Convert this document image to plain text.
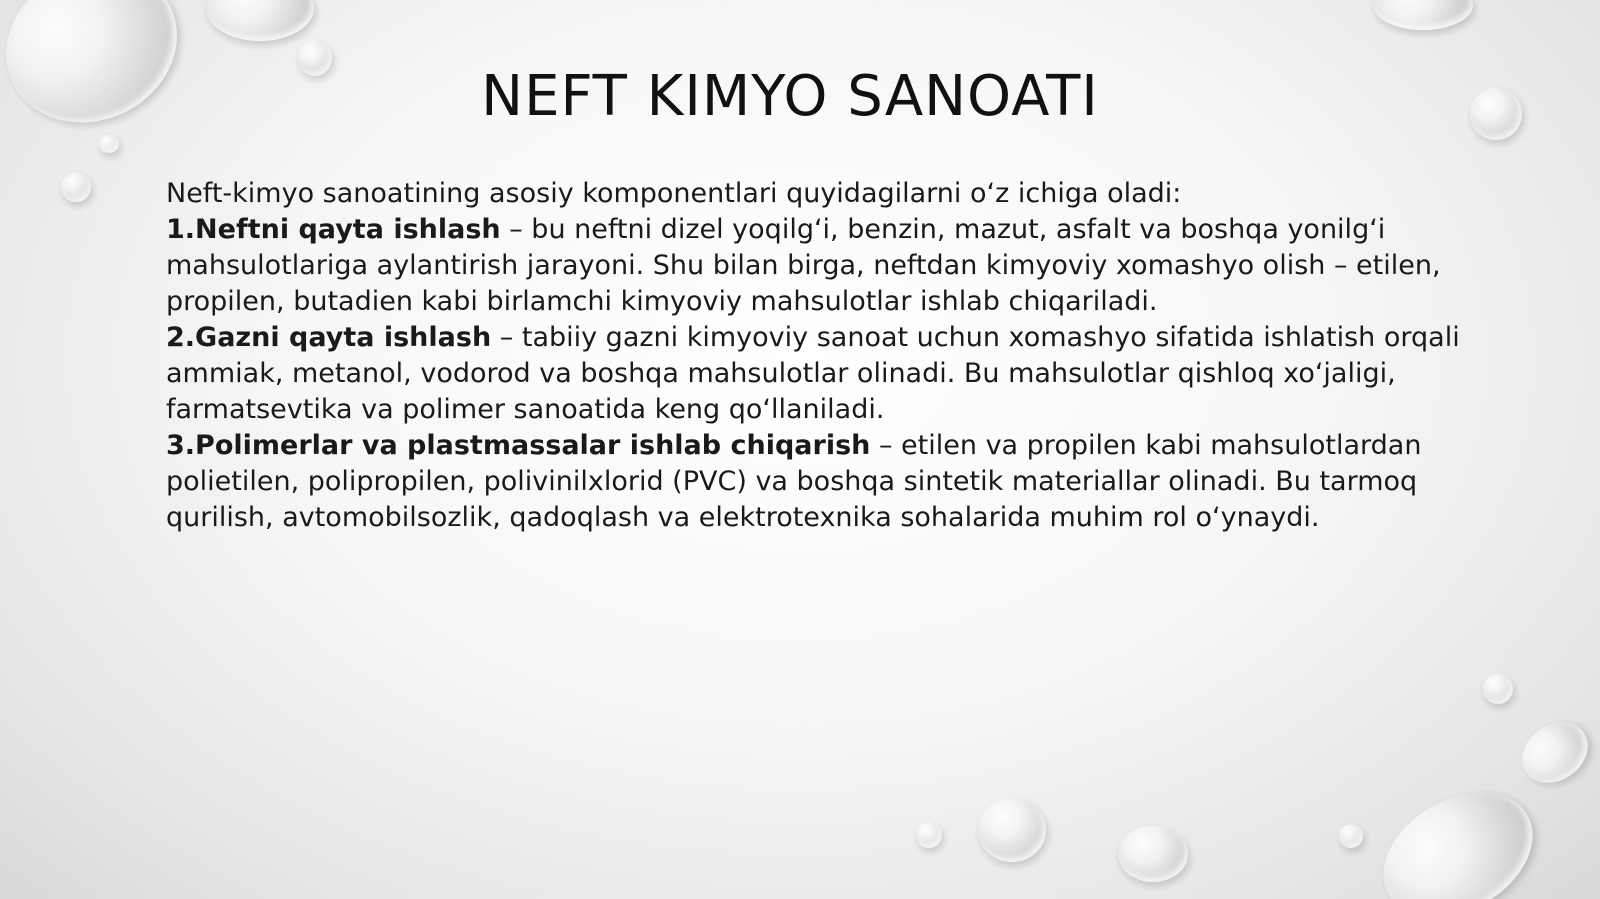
NEFT KIMYO SANOATI

Neft-kimyo sanoatining asosiy komponentlari quyidagilarni o‘z ichiga oladi:

1.Neftni qayta ishlash – bu neftni dizel yoqilg‘i, benzin, mazut, asfalt va boshqa yonilg‘i mahsulotlariga aylantirish jarayoni. Shu bilan birga, neftdan kimyoviy xomashyo olish – etilen, propilen, butadien kabi birlamchi kimyoviy mahsulotlar ishlab chiqariladi.

2.Gazni qayta ishlash – tabiiy gazni kimyoviy sanoat uchun xomashyo sifatida ishlatish orqali ammiak, metanol, vodorod va boshqa mahsulotlar olinadi. Bu mahsulotlar qishloq xo‘jaligi, farmatsevtika va polimer sanoatida keng qo‘llaniladi.

3.Polimerlar va plastmassalar ishlab chiqarish – etilen va propilen kabi mahsulotlardan polietilen, polipropilen, polivinilxlorid (PVC) va boshqa sintetik materiallar olinadi. Bu tarmoq qurilish, avtomobilsozlik, qadoqlash va elektrotexnika sohalarida muhim rol o‘ynaydi.
